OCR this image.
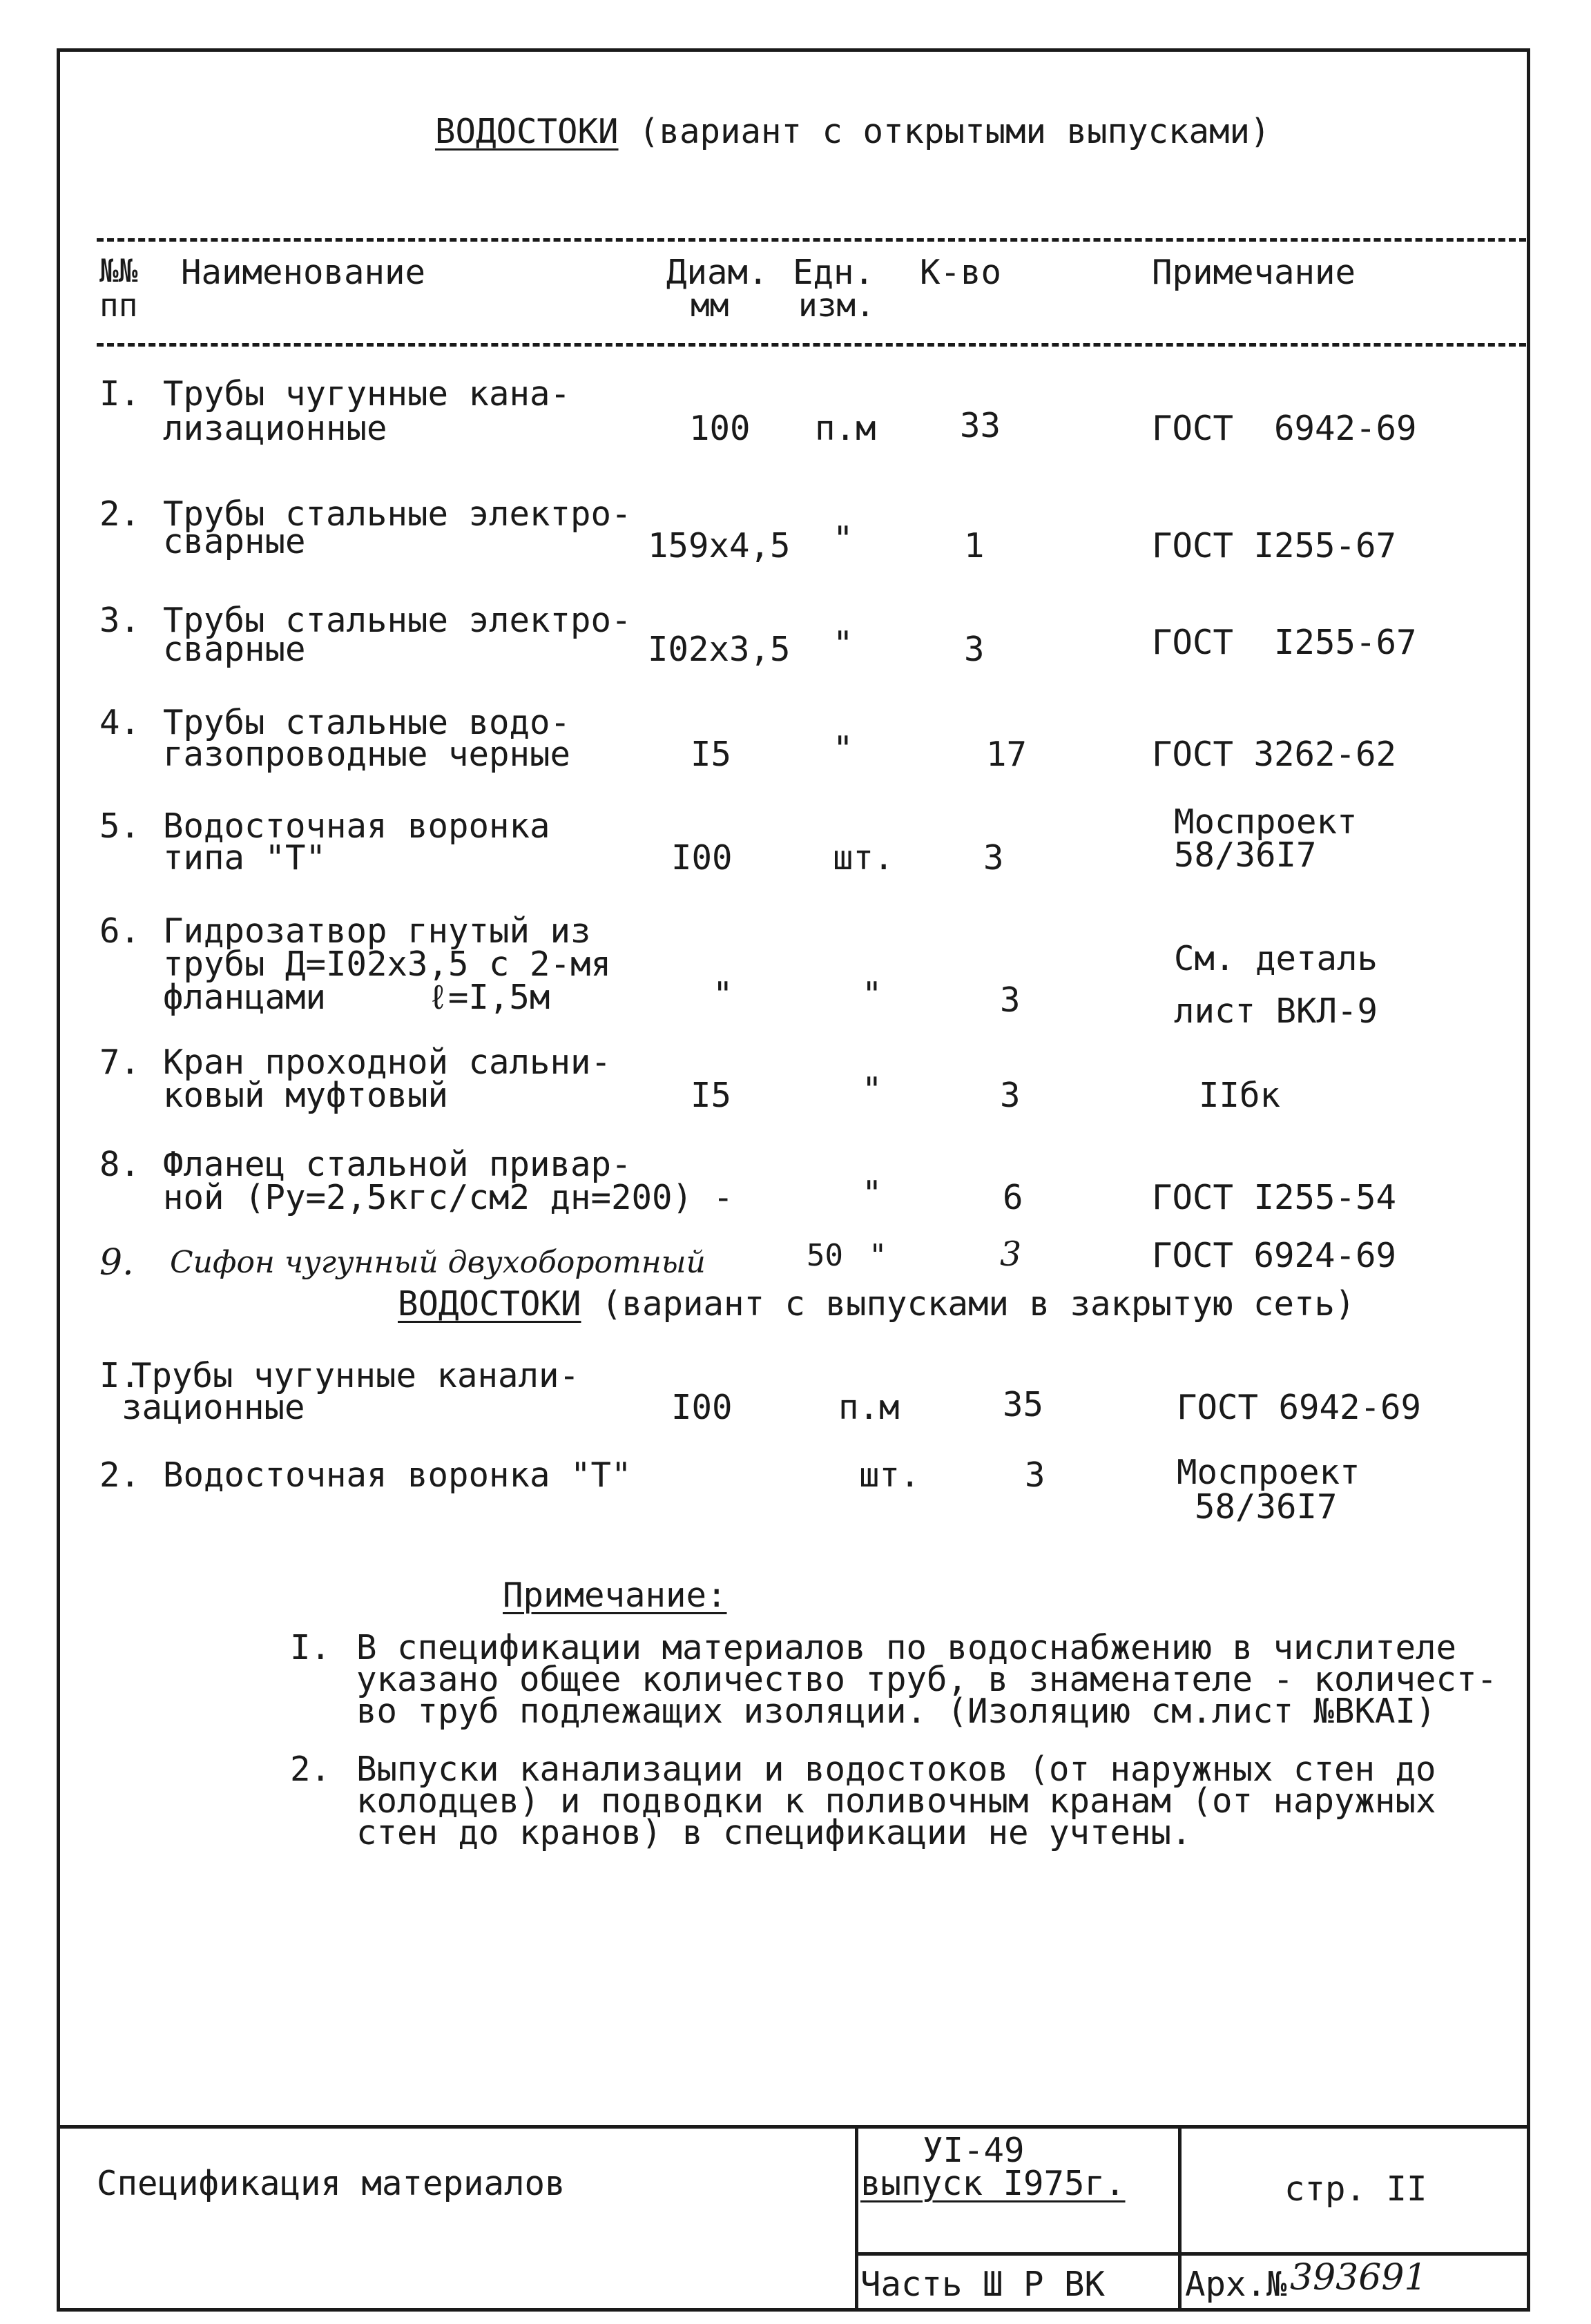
ВОДОСТОКИ (вариант с открытыми выпусками)
№№
пп
Наименование	Диам.
мм
Едн.
изм.
К-во	Примечание
I. Трубы чугунные кана-
лизационные	100 п.м 33	ГОСТ  6942-69
2. Трубы стальные электро-
сварные	159х4,5 "	1	ГОСТ I255-67
3. Трубы стальные электро-
сварные	I02х3,5 "	3	ГОСТ  I255-67
4. Трубы стальные водо-
газопроводные черные	I5	"	17	ГОСТ 3262-62
5. Водосточная воронка
типа "Т"	I00	шт.	3
Моспроект
58/36I7
6. Гидрозатвор гнутый из
трубы Д=I02х3,5 с 2-мя
фланцами     ℓ=I,5м	"	"	3
См. деталь
лист ВКЛ-9
7. Кран проходной сальни-
ковый муфтовый	I5	"	3	IIбк
8. Фланец стальной привар-
ной (Ру=2,5кгс/см2 дн=200) -	"	6	ГОСТ I255-54
9. Сифон чугунный двухоборотный	50 "	3	ГОСТ 6924-69
ВОДОСТОКИ (вариант с выпусками в закрытую сеть)
I.
Трубы чугунные канали-
зационные	I00	п.м	35	ГОСТ 6942-69
2. Водосточная воронка "Т"	шт.	3	Моспроект
58/36I7
Примечание:
I. В спецификации материалов по водоснабжению в числителе
указано общее количество труб, в знаменателе - количест-
во труб подлежащих изоляции. (Изоляцию см.лист №ВКАI)
2. Выпуски канализации и водостоков (от наружных стен до
колодцев) и подводки к поливочным кранам (от наружных
стен до кранов) в спецификации не учтены.
Спецификация материалов
УI-49
выпуск I975г.	стр. II
Часть Ш Р ВК Арх.№ 393691
